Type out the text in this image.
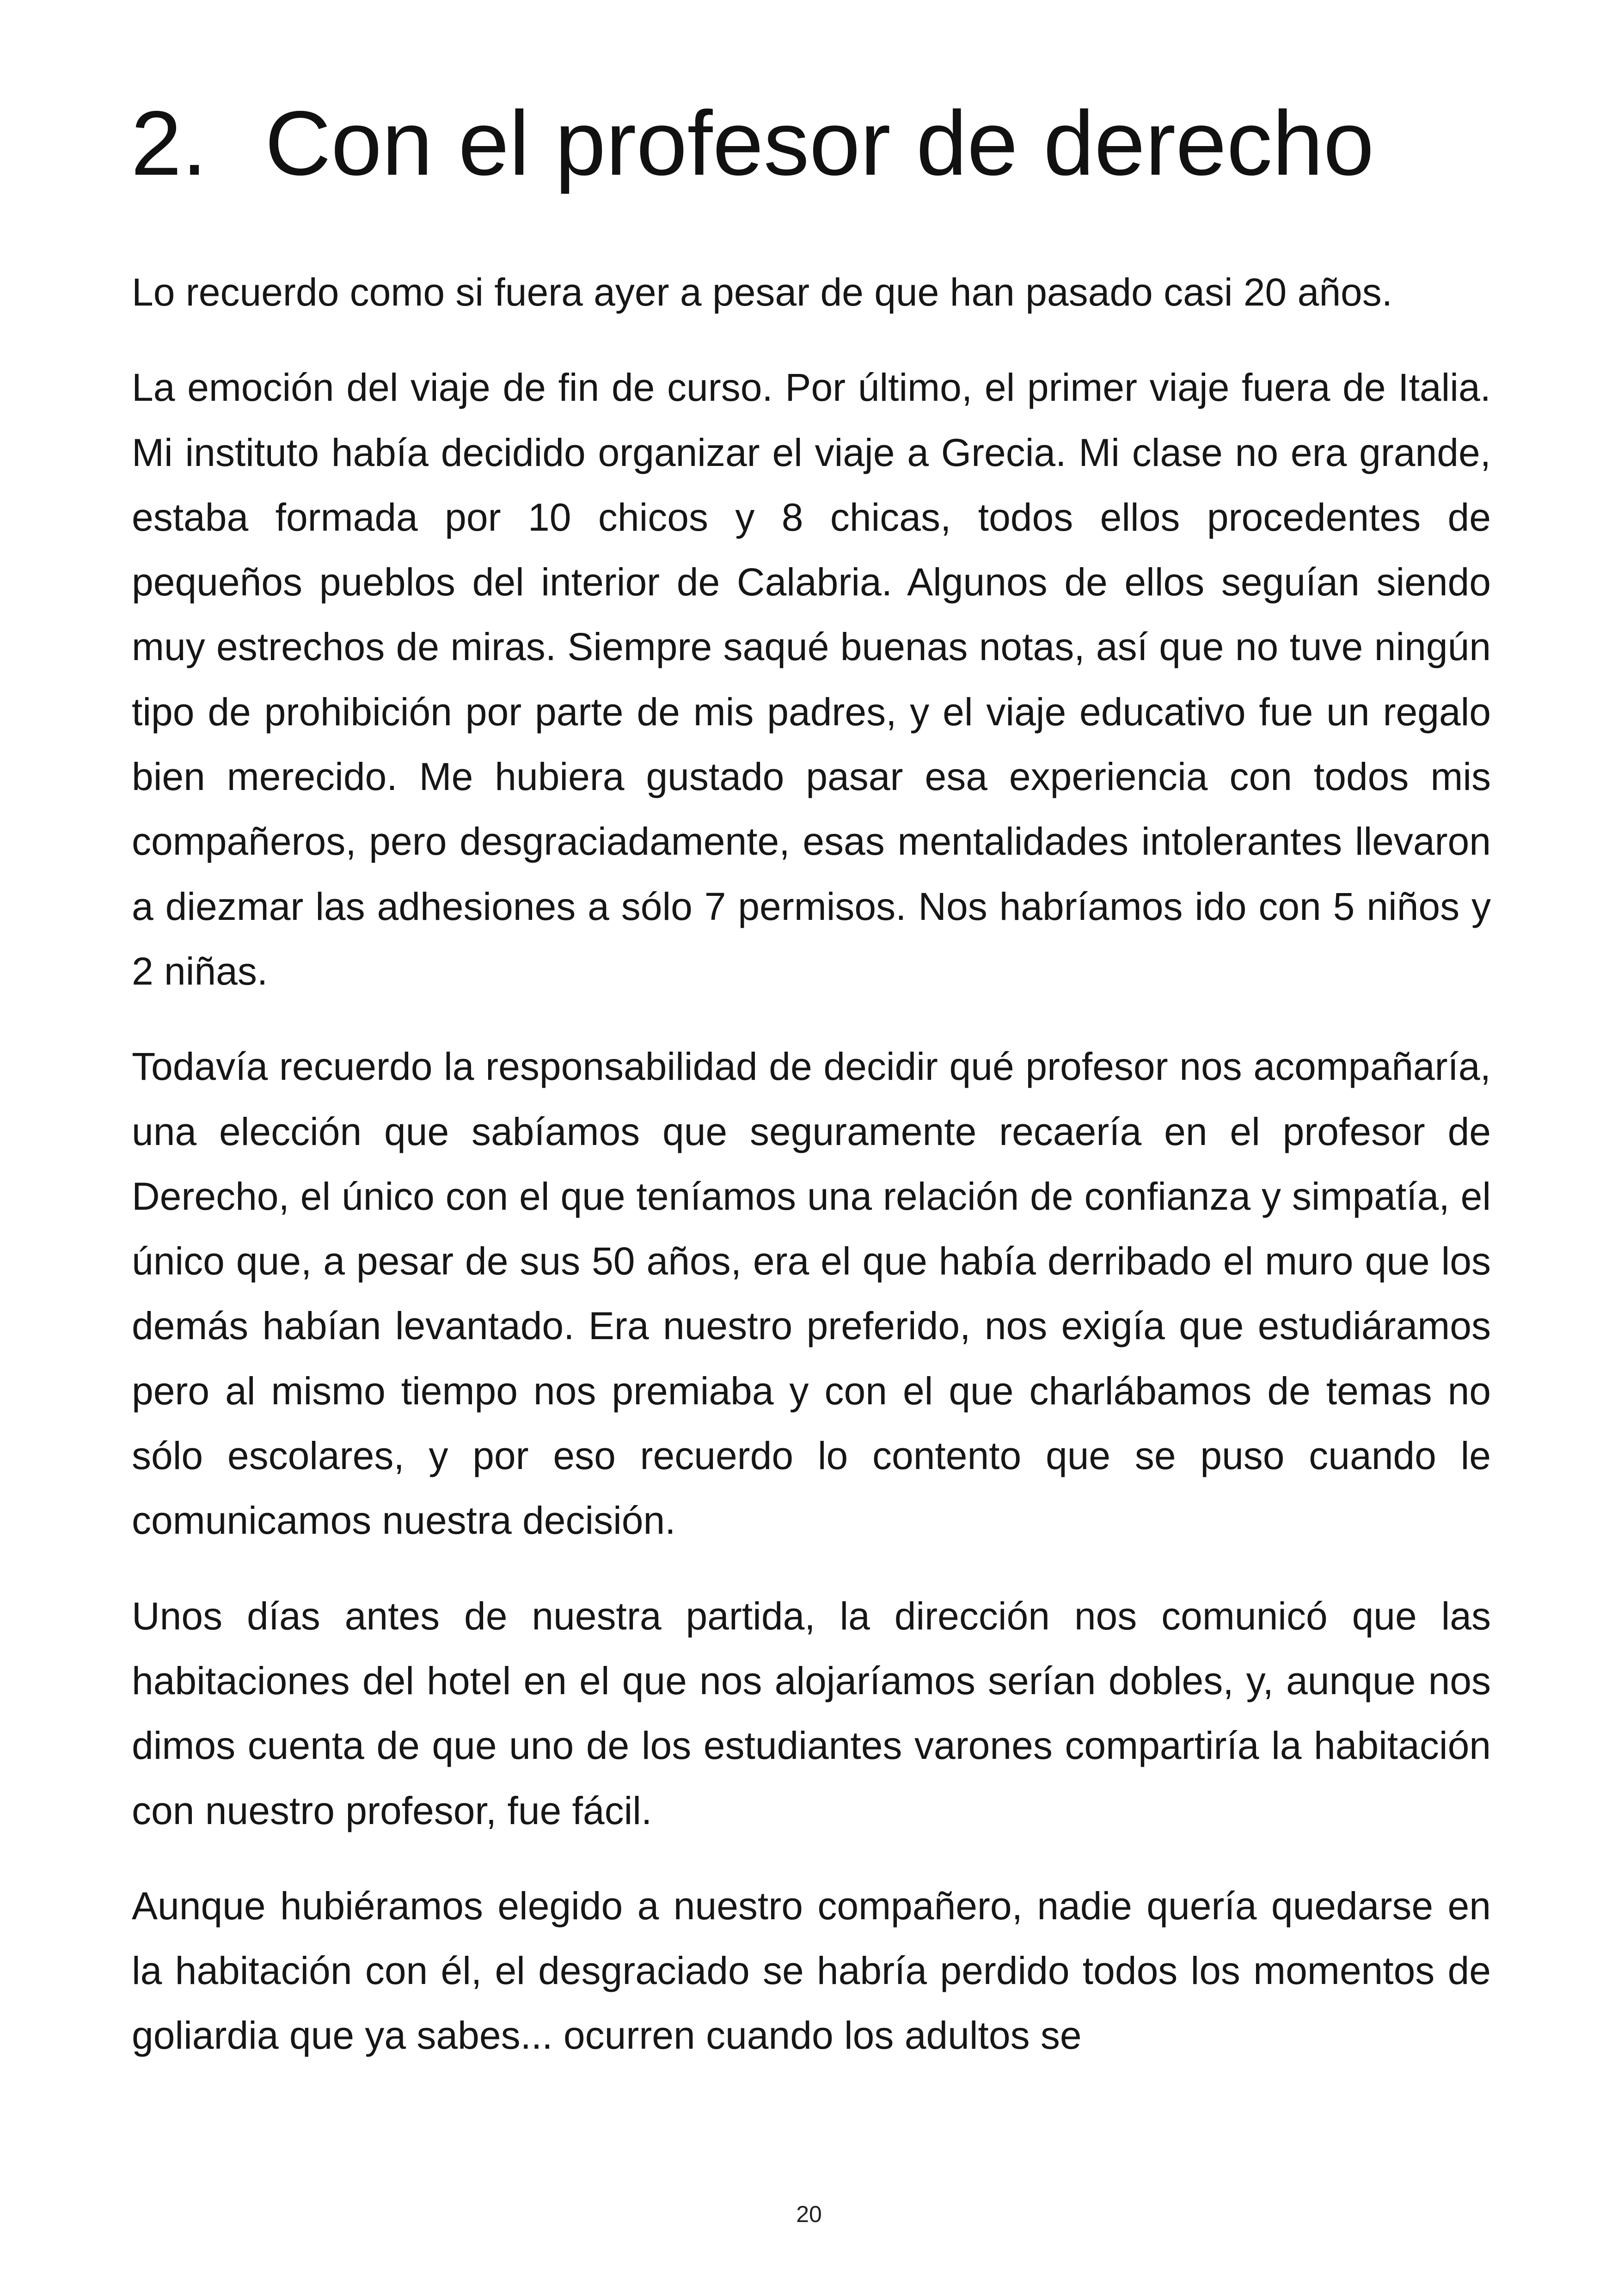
2. Con el profesor de derecho

Lo recuerdo como si fuera ayer a pesar de que han pasado casi 20 años.

La emoción del viaje de fin de curso. Por último, el primer viaje fuera de Italia. Mi instituto había decidido organizar el viaje a Grecia. Mi clase no era grande, estaba formada por 10 chicos y 8 chicas, todos ellos procedentes de pequeños pueblos del interior de Calabria. Algunos de ellos seguían siendo muy estrechos de miras. Siempre saqué buenas notas, así que no tuve ningún tipo de prohibición por parte de mis padres, y el viaje educativo fue un regalo bien merecido. Me hubiera gustado pasar esa experiencia con todos mis compañeros, pero desgraciadamente, esas mentalidades intolerantes llevaron a diezmar las adhesiones a sólo 7 permisos. Nos habríamos ido con 5 niños y 2 niñas.

Todavía recuerdo la responsabilidad de decidir qué profesor nos acompañaría, una elección que sabíamos que seguramente recaería en el profesor de Derecho, el único con el que teníamos una relación de confianza y simpatía, el único que, a pesar de sus 50 años, era el que había derribado el muro que los demás habían levantado. Era nuestro preferido, nos exigía que estudiáramos pero al mismo tiempo nos premiaba y con el que charlábamos de temas no sólo escolares, y por eso recuerdo lo contento que se puso cuando le comunicamos nuestra decisión.

Unos días antes de nuestra partida, la dirección nos comunicó que las habitaciones del hotel en el que nos alojaríamos serían dobles, y, aunque nos dimos cuenta de que uno de los estudiantes varones compartiría la habitación con nuestro profesor, fue fácil.

Aunque hubiéramos elegido a nuestro compañero, nadie quería quedarse en la habitación con él, el desgraciado se habría perdido todos los momentos de goliardia que ya sabes... ocurren cuando los adultos se

20
